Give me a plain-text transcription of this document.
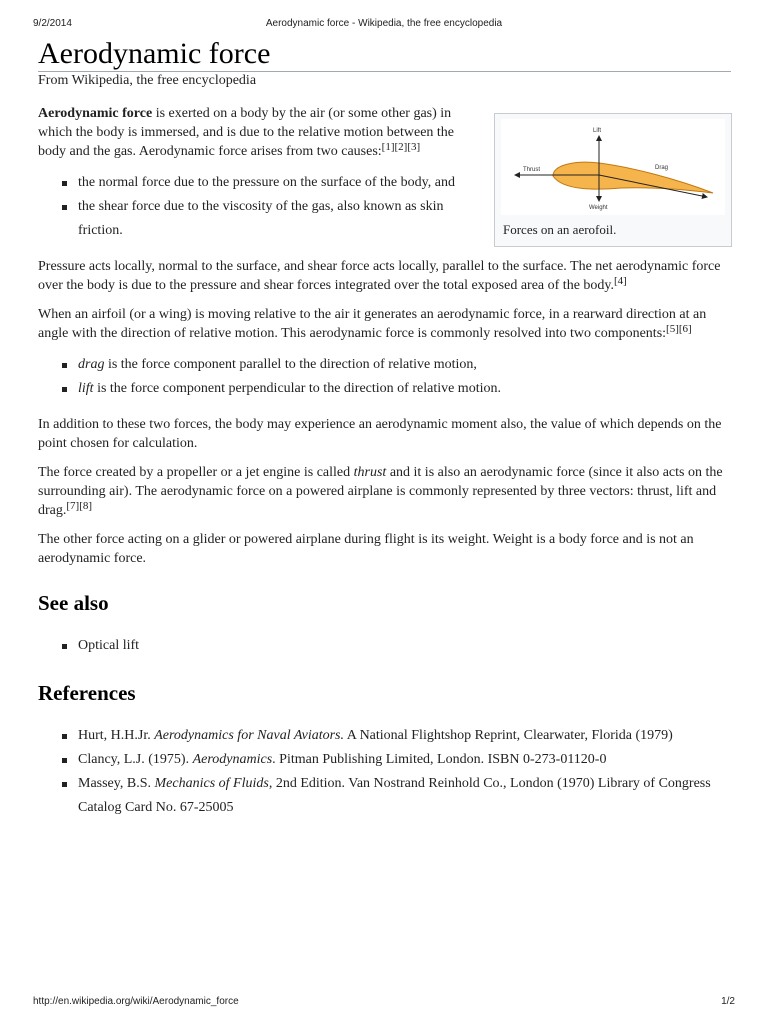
9/2/2014	Aerodynamic force - Wikipedia, the free encyclopedia
Aerodynamic force
From Wikipedia, the free encyclopedia
Lift
Thrust	Drag
Weight
Forces on an aerofoil.

Aerodynamic force is exerted on a body by the air (or some other gas) in which the body is immersed, and is due to the relative motion between the body and the gas. Aerodynamic force arises from two causes:[1][2][3]

the normal force due to the pressure on the surface of the body, and
the shear force due to the viscosity of the gas, also known as skin friction.

Pressure acts locally, normal to the surface, and shear force acts locally, parallel to the surface. The net aerodynamic force over the body is due to the pressure and shear forces integrated over the total exposed area of the body.[4]

When an airfoil (or a wing) is moving relative to the air it generates an aerodynamic force, in a rearward direction at an angle with the direction of relative motion. This aerodynamic force is commonly resolved into two components:[5][6]

drag is the force component parallel to the direction of relative motion,
lift is the force component perpendicular to the direction of relative motion.

In addition to these two forces, the body may experience an aerodynamic moment also, the value of which depends on the point chosen for calculation.

The force created by a propeller or a jet engine is called thrust and it is also an aerodynamic force (since it also acts on the surrounding air). The aerodynamic force on a powered airplane is commonly represented by three vectors: thrust, lift and drag.[7][8]

The other force acting on a glider or powered airplane during flight is its weight. Weight is a body force and is not an aerodynamic force.

See also
Optical lift
References
Hurt, H.H.Jr. Aerodynamics for Naval Aviators. A National Flightshop Reprint, Clearwater, Florida (1979)
Clancy, L.J. (1975). Aerodynamics. Pitman Publishing Limited, London. ISBN 0-273-01120-0
Massey, B.S. Mechanics of Fluids, 2nd Edition. Van Nostrand Reinhold Co., London (1970) Library of Congress Catalog Card No. 67-25005
http://en.wikipedia.org/wiki/Aerodynamic_force	1/2
